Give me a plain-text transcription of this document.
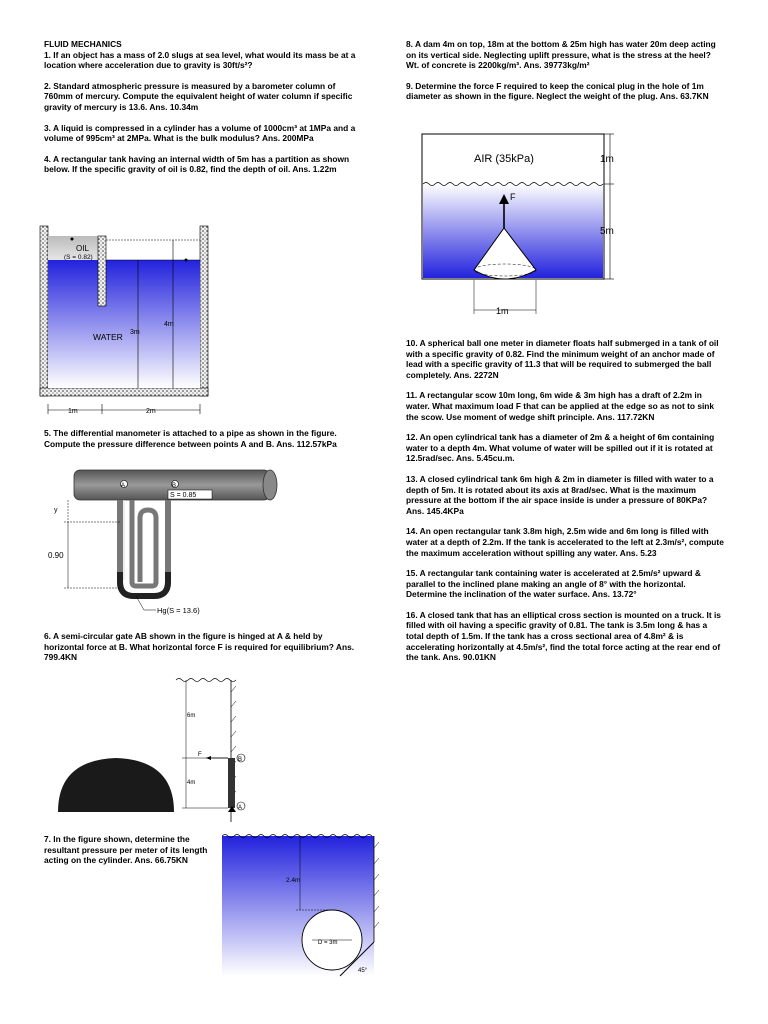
FLUID MECHANICS

1. If an object has a mass of 2.0 slugs at sea level, what would its mass be at a location where acceleration due to gravity is 30ft/s²?

2. Standard atmospheric pressure is measured by a barometer column of 760mm of mercury. Compute the equivalent height of water column if specific gravity of mercury is 13.6. Ans. 10.34m

3. A liquid is compressed in a cylinder has a volume of 1000cm³ at 1MPa and a volume of 995cm³ at 2MPa. What is the bulk modulus? Ans. 200MPa

4. A rectangular tank having an internal width of 5m has a partition as shown below. If the specific gravity of oil is 0.82, find the depth of oil. Ans. 1.22m

5. The differential manometer is attached to a pipe as shown in the figure. Compute the pressure difference between points A and B. Ans. 112.57kPa

6. A semi-circular gate AB shown in the figure is hinged at A & held by horizontal force at B. What horizontal force F is required for equilibrium? Ans. 799.4KN

7. In the figure shown, determine the resultant pressure per meter of its length acting on the cylinder. Ans. 66.75KN

8. A dam 4m on top, 18m at the bottom & 25m high has water 20m deep acting on its vertical side. Neglecting uplift pressure, what is the stress at the heel? Wt. of concrete is 2200kg/m³. Ans. 39773kg/m²

9. Determine the force F required to keep the conical plug in the hole of 1m diameter as shown in the figure. Neglect the weight of the plug. Ans. 63.7KN

10. A spherical ball one meter in diameter floats half submerged in a tank of oil with a specific gravity of 0.82. Find the minimum weight of an anchor made of lead with a specific gravity of 11.3 that will be required to submerged the ball completely. Ans. 2272N

11. A rectangular scow 10m long, 6m wide & 3m high has a draft of 2.2m in water. What maximum load F that can be applied at the edge so as not to sink the scow. Use moment of wedge shift principle. Ans. 117.72KN

12. An open cylindrical tank has a diameter of 2m & a height of 6m containing water to a depth 4m. What volume of water will be spilled out if it is rotated at 12.5rad/sec. Ans. 5.45cu.m.

13. A closed cylindrical tank 6m high & 2m in diameter is filled with water to a depth of 5m. It is rotated about its axis at 8rad/sec. What is the maximum pressure at the bottom if the air space inside is under a pressure of 80KPa? Ans. 145.4KPa

14. An open rectangular tank 3.8m high, 2.5m wide and 6m long is filled with water at a depth of 2.2m. If the tank is accelerated to the left at 2.3m/s², compute the maximum acceleration without spilling any water. Ans. 5.23

15. A rectangular tank containing water is accelerated at 2.5m/s² upward & parallel to the inclined plane making an angle of 8° with the horizontal. Determine the inclination of the water surface. Ans. 13.72°

16. A closed tank that has an elliptical cross section is mounted on a truck. It is filled with oil having a specific gravity of 0.81. The tank is 3.5m long & has a total depth of 1.5m. If the tank has a cross sectional area of 4.8m² & is accelerating horizontally at 4.5m/s², find the total force acting at the rear end of the tank. Ans. 90.01KN

OIL
(S = 0.82)
WATER 3m
4m
1m	2m
A	B
S = 0.85
y
0.90
Hg(S = 13.6)
6m
4m
F
B
A
2.4m
D = 3m
45°
AIR (35kPa)
F
1m
5m
1m
